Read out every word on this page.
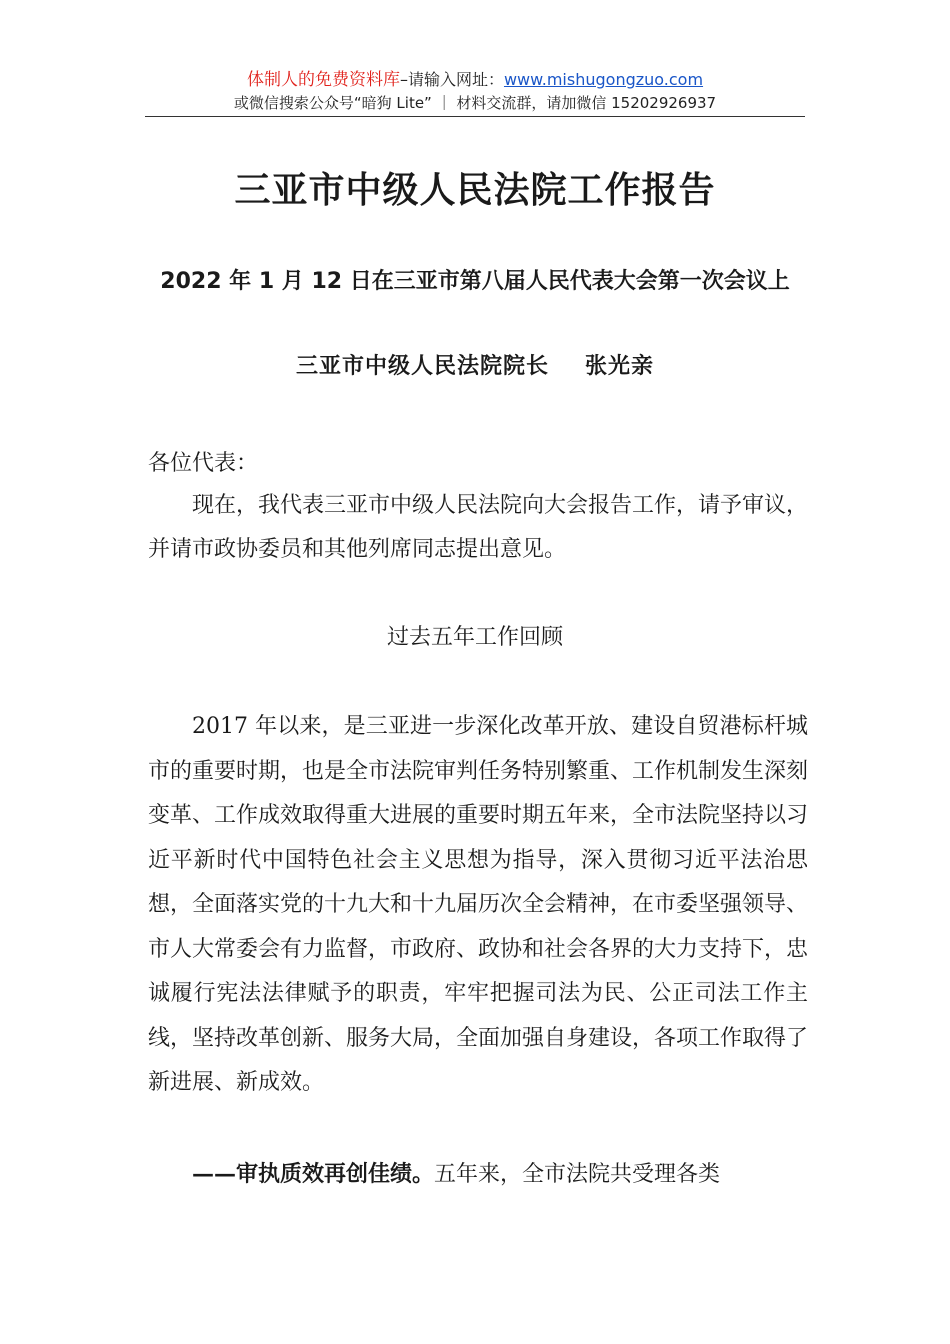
体制人的免费资料库–请输入网址：www.mishugongzuo.com
或微信搜索公众号“暗狗 Lite” ｜ 材料交流群，请加微信 15202926937
三亚市中级人民法院工作报告
2022 年 1 月 12 日在三亚市第八届人民代表大会第一次会议上
三亚市中级人民法院院长 张光亲
各位代表：
现在，我代表三亚市中级人民法院向大会报告工作，请予审议，并请市政协委员和其他列席同志提出意见。
过去五年工作回顾
2017 年以来，是三亚进一步深化改革开放、建设自贸港标杆城市的重要时期，也是全市法院审判任务特别繁重、工作机制发生深刻变革、工作成效取得重大进展的重要时期五年来，全市法院坚持以习近平新时代中国特色社会主义思想为指导，深入贯彻习近平法治思想，全面落实党的十九大和十九届历次全会精神，在市委坚强领导、市人大常委会有力监督，市政府、政协和社会各界的大力支持下，忠诚履行宪法法律赋予的职责，牢牢把握司法为民、公正司法工作主线，坚持改革创新、服务大局，全面加强自身建设，各项工作取得了新进展、新成效。
——审执质效再创佳绩。五年来，全市法院共受理各类
